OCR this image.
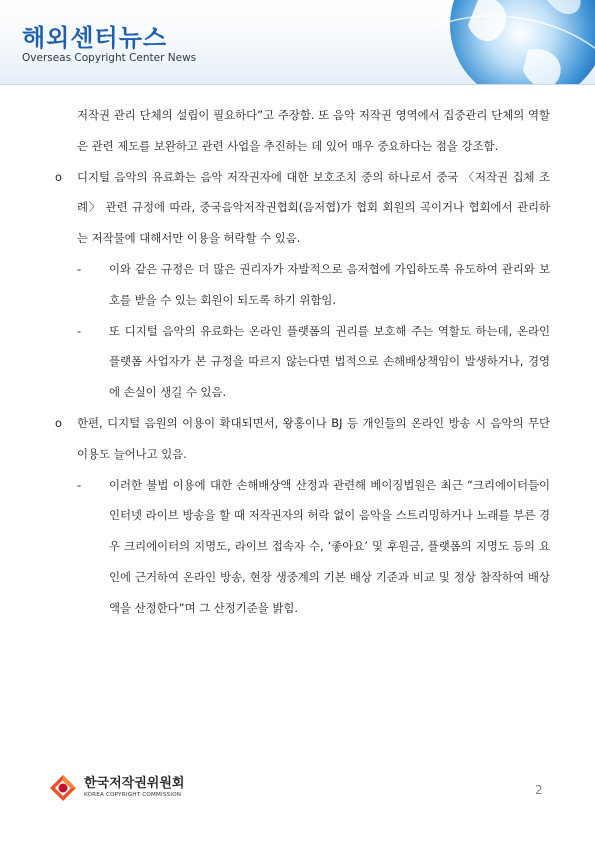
해외센터뉴스
Overseas Copyright Center News

저작권 관리 단체의 설립이 필요하다”고 주장함. 또 음악 저작권 영역에서 집중관리 단체의 역할은 관련 제도를 보완하고 관련 사업을 추진하는 데 있어 매우 중요하다는 점을 강조함.

o	디지털 음악의 유료화는 음악 저작권자에 대한 보호조치 중의 하나로서 중국 〈저작권 집체 조례〉 관련 규정에 따라, 중국음악저작권협회(음저협)가 협회 회원의 곡이거나 협회에서 관리하는 저작물에 대해서만 이용을 허락할 수 있음.

-	이와 같은 규정은 더 많은 권리자가 자발적으로 음저협에 가입하도록 유도하여 관리와 보호를 받을 수 있는 회원이 되도록 하기 위함임.

-	또 디지털 음악의 유료화는 온라인 플랫폼의 권리를 보호해 주는 역할도 하는데, 온라인 플랫폼 사업자가 본 규정을 따르지 않는다면 법적으로 손해배상책임이 발생하거나, 경영에 손실이 생길 수 있음.

o	한편, 디지털 음원의 이용이 확대되면서, 왕홍이나 BJ 등 개인들의 온라인 방송 시 음악의 무단 이용도 늘어나고 있음.

-	이러한 불법 이용에 대한 손해배상액 산정과 관련해 베이징법원은 최근 “크리에이터들이 인터넷 라이브 방송을 할 때 저작권자의 허락 없이 음악을 스트리밍하거나 노래를 부른 경우 크리에이터의 지명도, 라이브 접속자 수, ‘좋아요’ 및 후원금, 플랫폼의 지명도 등의 요인에 근거하여 온라인 방송, 현장 생중계의 기본 배상 기준과 비교 및 정상 참작하여 배상액을 산정한다”며 그 산정기준을 밝힘.

한국저작권위원회
KOREA COPYRIGHT COMMISSION	2
